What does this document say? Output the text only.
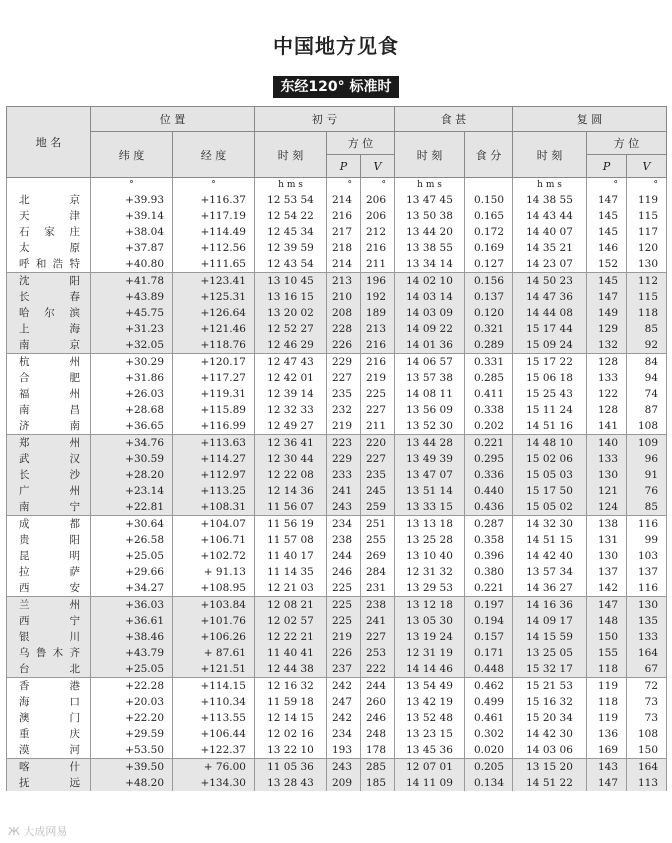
中国地方见食
东经120° 标准时
地 名	位 置		初 亏			食 甚		复 圆		
	纬 度	经 度	时 刻	方 位		时 刻	食 分	时 刻	方 位	
				P	V				P	V
	°	°	h m s	°	°	h m s		h m s	°	°
北京	+39.93	+116.37	12 53 54	214	206	13 47 45	0.150	14 38 55	147	119
天津	+39.14	+117.19	12 54 22	216	206	13 50 38	0.165	14 43 44	145	115
石家庄	+38.04	+114.49	12 45 34	217	212	13 44 20	0.172	14 40 07	145	117
太原	+37.87	+112.56	12 39 59	218	216	13 38 55	0.169	14 35 21	146	120
呼和浩特	+40.80	+111.65	12 43 54	214	211	13 34 14	0.127	14 23 07	152	130
沈阳	+41.78	+123.41	13 10 45	213	196	14 02 10	0.156	14 50 23	145	112
长春	+43.89	+125.31	13 16 15	210	192	14 03 14	0.137	14 47 36	147	115
哈尔滨	+45.75	+126.64	13 20 02	208	189	14 03 09	0.120	14 44 08	149	118
上海	+31.23	+121.46	12 52 27	228	213	14 09 22	0.321	15 17 44	129	85
南京	+32.05	+118.76	12 46 29	226	216	14 01 36	0.289	15 09 24	132	92
杭州	+30.29	+120.17	12 47 43	229	216	14 06 57	0.331	15 17 22	128	84
合肥	+31.86	+117.27	12 42 01	227	219	13 57 38	0.285	15 06 18	133	94
福州	+26.03	+119.31	12 39 14	235	225	14 08 11	0.411	15 25 43	122	74
南昌	+28.68	+115.89	12 32 33	232	227	13 56 09	0.338	15 11 24	128	87
济南	+36.65	+116.99	12 49 27	219	211	13 52 30	0.202	14 51 16	141	108
郑州	+34.76	+113.63	12 36 41	223	220	13 44 28	0.221	14 48 10	140	109
武汉	+30.59	+114.27	12 30 44	229	227	13 49 39	0.295	15 02 06	133	96
长沙	+28.20	+112.97	12 22 08	233	235	13 47 07	0.336	15 05 03	130	91
广州	+23.14	+113.25	12 14 36	241	245	13 51 14	0.440	15 17 50	121	76
南宁	+22.81	+108.31	11 56 07	243	259	13 33 15	0.436	15 05 02	124	85
成都	+30.64	+104.07	11 56 19	234	251	13 13 18	0.287	14 32 30	138	116
贵阳	+26.58	+106.71	11 57 08	238	255	13 25 28	0.358	14 51 15	131	99
昆明	+25.05	+102.72	11 40 17	244	269	13 10 40	0.396	14 42 40	130	103
拉萨	+29.66	+ 91.13	11 14 35	246	284	12 31 32	0.380	13 57 34	137	137
西安	+34.27	+108.95	12 21 03	225	231	13 29 53	0.221	14 36 27	142	116
兰州	+36.03	+103.84	12 08 21	225	238	13 12 18	0.197	14 16 36	147	130
西宁	+36.61	+101.76	12 02 57	225	241	13 05 30	0.194	14 09 17	148	135
银川	+38.46	+106.26	12 22 21	219	227	13 19 24	0.157	14 15 59	150	133
乌鲁木齐	+43.79	+ 87.61	11 40 41	226	253	12 31 19	0.171	13 25 05	155	164
台北	+25.05	+121.51	12 44 38	237	222	14 14 46	0.448	15 32 17	118	67
香港	+22.28	+114.15	12 16 32	242	244	13 54 49	0.462	15 21 53	119	72
海口	+20.03	+110.34	11 59 18	247	260	13 42 19	0.499	15 16 32	118	73
澳门	+22.20	+113.55	12 14 15	242	246	13 52 48	0.461	15 20 34	119	73
重庆	+29.59	+106.44	12 02 16	234	248	13 23 15	0.302	14 42 30	136	108
漠河	+53.50	+122.37	13 22 10	193	178	13 45 36	0.020	14 03 06	169	150
喀什	+39.50	+ 76.00	11 05 36	243	285	12 07 01	0.205	13 15 20	143	164
抚远	+48.20	+134.30	13 28 43	209	185	14 11 09	0.134	14 51 22	147	113
Ж 大成网易
